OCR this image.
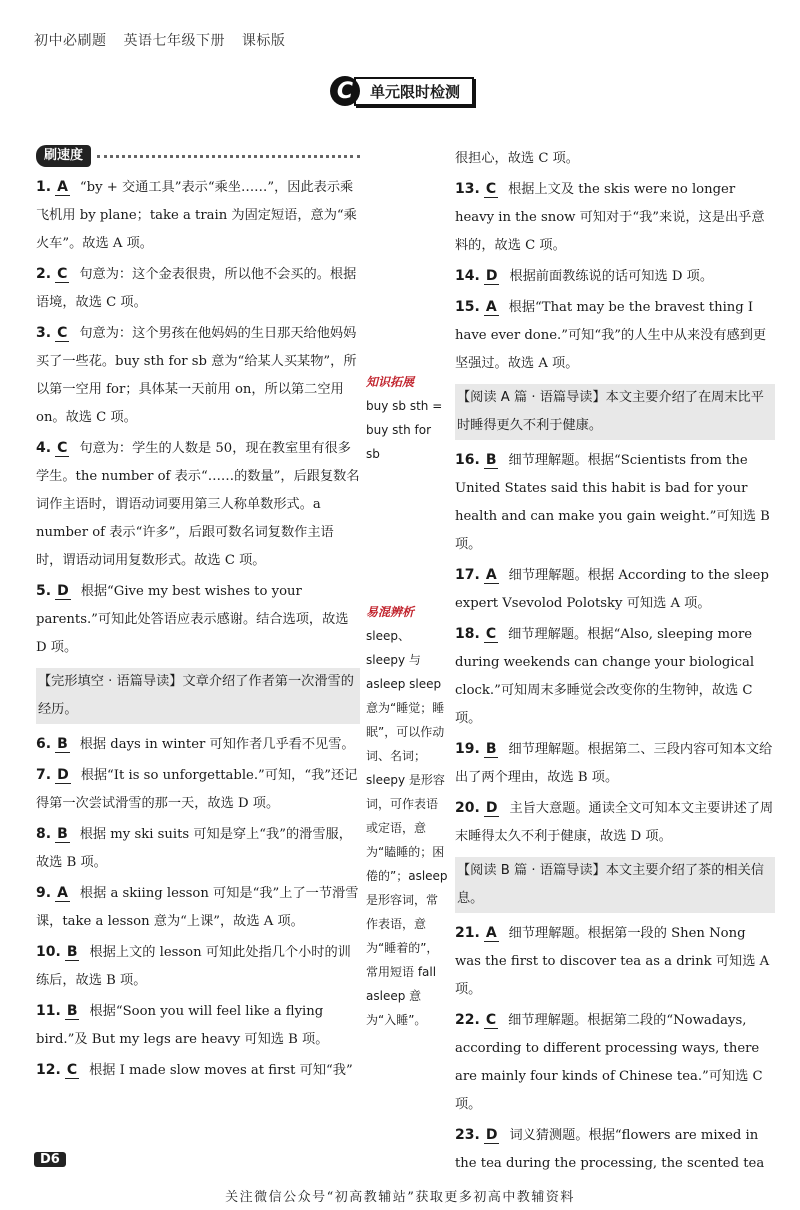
初中必刷题 英语七年级下册 课标版
C	单元限时检测
刷速度
1. A “by + 交通工具”表示“乘坐……”，因此表示乘飞机用 by plane；take a train 为固定短语，意为“乘火车”。故选 A 项。
2. C 句意为：这个金表很贵，所以他不会买的。根据语境，故选 C 项。
3. C 句意为：这个男孩在他妈妈的生日那天给他妈妈买了一些花。buy sth for sb 意为“给某人买某物”，所以第一空用 for；具体某一天前用 on，所以第二空用 on。故选 C 项。
4. C 句意为：学生的人数是 50，现在教室里有很多学生。the number of 表示“……的数量”，后跟复数名词作主语时，谓语动词要用第三人称单数形式。a number of 表示“许多”，后跟可数名词复数作主语时，谓语动词用复数形式。故选 C 项。
5. D 根据“Give my best wishes to your parents.”可知此处答语应表示感谢。结合选项，故选 D 项。
【完形填空 · 语篇导读】文章介绍了作者第一次滑雪的经历。
6. B 根据 days in winter 可知作者几乎看不见雪。
7. D 根据“It is so unforgettable.”可知，“我”还记得第一次尝试滑雪的那一天，故选 D 项。
8. B 根据 my ski suits 可知是穿上“我”的滑雪服，故选 B 项。
9. A 根据 a skiing lesson 可知是“我”上了一节滑雪课，take a lesson 意为“上课”，故选 A 项。
10. B 根据上文的 lesson 可知此处指几个小时的训练后，故选 B 项。
11. B 根据“Soon you will feel like a flying bird.”及 But my legs are heavy 可知选 B 项。
12. C 根据 I made slow moves at first 可知“我”
知识拓展
buy sb sth = buy sth for sb
易混辨析
sleep、 sleepy 与 asleep sleep 意为“睡觉；睡眠”，可以作动词、名词；sleepy 是形容词，可作表语或定语，意为“瞌睡的；困倦的”；asleep 是形容词，常作表语，意为“睡着的”，常用短语 fall asleep 意为“入睡”。
很担心，故选 C 项。
13. C 根据上文及 the skis were no longer heavy in the snow 可知对于“我”来说，这是出乎意料的，故选 C 项。
14. D 根据前面教练说的话可知选 D 项。
15. A 根据“That may be the bravest thing I have ever done.”可知“我”的人生中从来没有感到更坚强过。故选 A 项。
【阅读 A 篇 · 语篇导读】本文主要介绍了在周末比平时睡得更久不利于健康。
16. B 细节理解题。根据“Scientists from the United States said this habit is bad for your health and can make you gain weight.”可知选 B 项。
17. A 细节理解题。根据 According to the sleep expert Vsevolod Polotsky 可知选 A 项。
18. C 细节理解题。根据“Also, sleeping more during weekends can change your biological clock.”可知周末多睡觉会改变你的生物钟，故选 C 项。
19. B 细节理解题。根据第二、三段内容可知本文给出了两个理由，故选 B 项。
20. D 主旨大意题。通读全文可知本文主要讲述了周末睡得太久不利于健康，故选 D 项。
【阅读 B 篇 · 语篇导读】本文主要介绍了茶的相关信息。
21. A 细节理解题。根据第一段的 Shen Nong was the first to discover tea as a drink 可知选 A 项。
22. C 细节理解题。根据第二段的“Nowadays, according to different processing ways, there are mainly four kinds of Chinese tea.”可知选 C 项。
23. D 词义猜测题。根据“flowers are mixed in the tea during the processing, the scented tea
D6
关注微信公众号“初高教辅站”获取更多初高中教辅资料
